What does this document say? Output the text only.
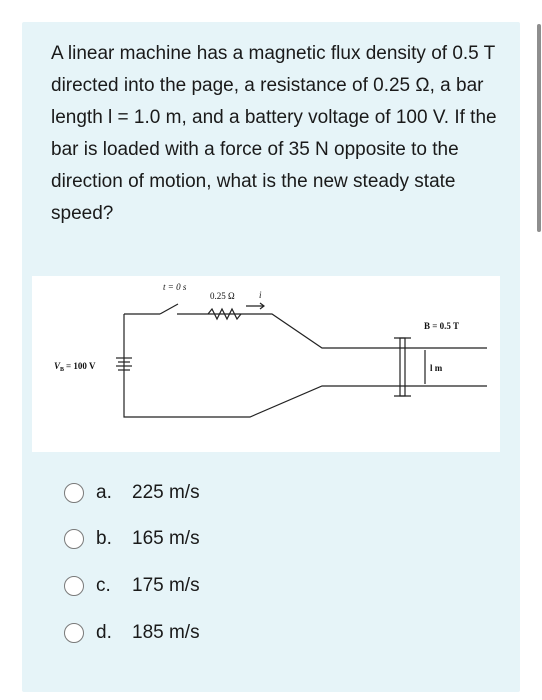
A linear machine has a magnetic flux density of 0.5 T directed into the page, a resistance of 0.25 Ω, a bar length l = 1.0 m, and a battery voltage of 100 V. If the bar is loaded with a force of 35 N opposite to the direction of motion, what is the new steady state speed?

t = 0 s
0.25 Ω	i
B = 0.5 T
l m
$V_B = 100$ V
a.	225 m/s
b.	165 m/s
c.	175 m/s
d.	185 m/s
